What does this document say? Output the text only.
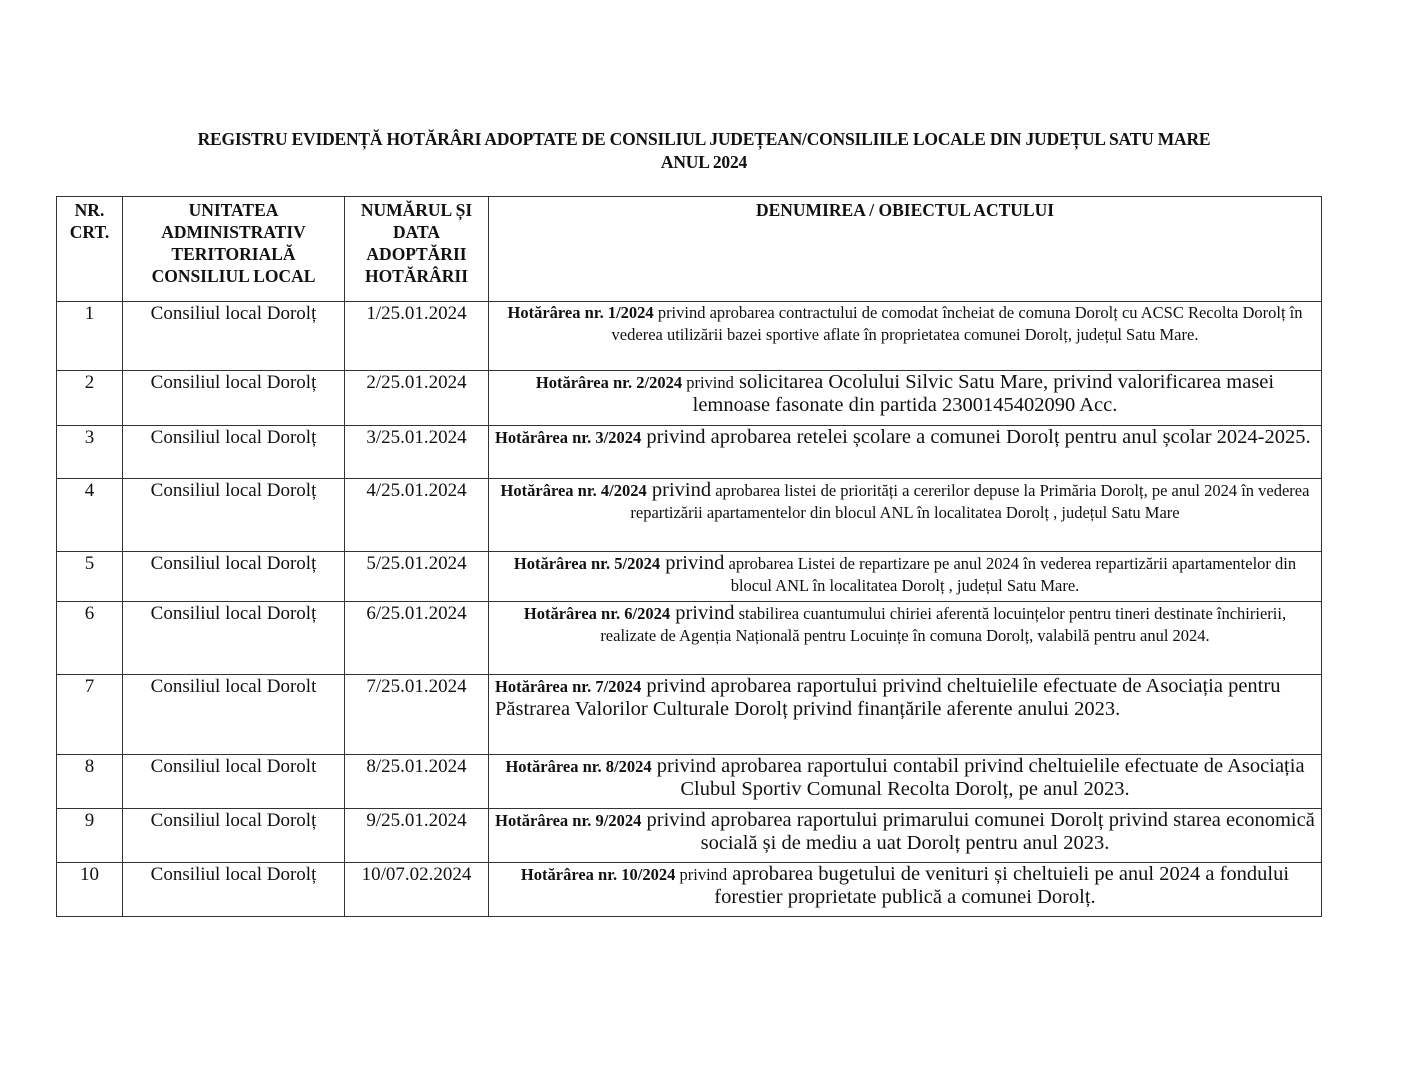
REGISTRU EVIDENȚĂ HOTĂRÂRI ADOPTATE DE CONSILIUL JUDEȚEAN/CONSILIILE LOCALE DIN JUDEȚUL SATU MARE
ANUL 2024
NR. CRT.	UNITATEA ADMINISTRATIV TERITORIALĂ CONSILIUL LOCAL	NUMĂRUL ȘI DATA ADOPTĂRII HOTĂRÂRII	DENUMIREA / OBIECTUL ACTULUI
1	Consiliul local Dorolț	1/25.01.2024	Hotărârea nr. 1/2024 privind aprobarea contractului de comodat încheiat de comuna Dorolț cu ACSC Recolta Dorolț în vederea utilizării bazei sportive aflate în proprietatea comunei Dorolț, județul Satu Mare.
2	Consiliul local Dorolț	2/25.01.2024	Hotărârea nr. 2/2024 privind solicitarea Ocolului Silvic Satu Mare, privind valorificarea masei lemnoase fasonate din partida 2300145402090 Acc.
3	Consiliul local Dorolț	3/25.01.2024	Hotărârea nr. 3/2024 privind aprobarea retelei școlare a comunei Dorolț pentru anul școlar 2024-2025.
4	Consiliul local Dorolț	4/25.01.2024	Hotărârea nr. 4/2024 privind aprobarea listei de priorități a cererilor depuse la Primăria Dorolț, pe anul 2024 în vederea repartizării apartamentelor din blocul ANL în localitatea Dorolț , județul Satu Mare
5	Consiliul local Dorolț	5/25.01.2024	Hotărârea nr. 5/2024 privind aprobarea Listei de repartizare pe anul 2024 în vederea repartizării apartamentelor din blocul ANL în localitatea Dorolț , județul Satu Mare.
6	Consiliul local Dorolț	6/25.01.2024	Hotărârea nr. 6/2024 privind stabilirea cuantumului chiriei aferentă locuințelor pentru tineri destinate închirierii, realizate de Agenția Națională pentru Locuințe în comuna Dorolț, valabilă pentru anul 2024.
7	Consiliul local Dorolt	7/25.01.2024	Hotărârea nr. 7/2024 privind aprobarea raportului privind cheltuielile efectuate de Asociația pentru Păstrarea Valorilor Culturale Dorolț privind finanțările aferente anului 2023.
8	Consiliul local Dorolt	8/25.01.2024	Hotărârea nr. 8/2024 privind aprobarea raportului contabil privind cheltuielile efectuate de Asociația Clubul Sportiv Comunal Recolta Dorolț, pe anul 2023.
9	Consiliul local Dorolț	9/25.01.2024	Hotărârea nr. 9/2024 privind aprobarea raportului primarului comunei Dorolț privind starea economică socială și de mediu a uat Dorolț pentru anul 2023.
10	Consiliul local Dorolț	10/07.02.2024	Hotărârea nr. 10/2024 privind aprobarea bugetului de venituri și cheltuieli pe anul 2024 a fondului forestier proprietate publică a comunei Dorolț.
